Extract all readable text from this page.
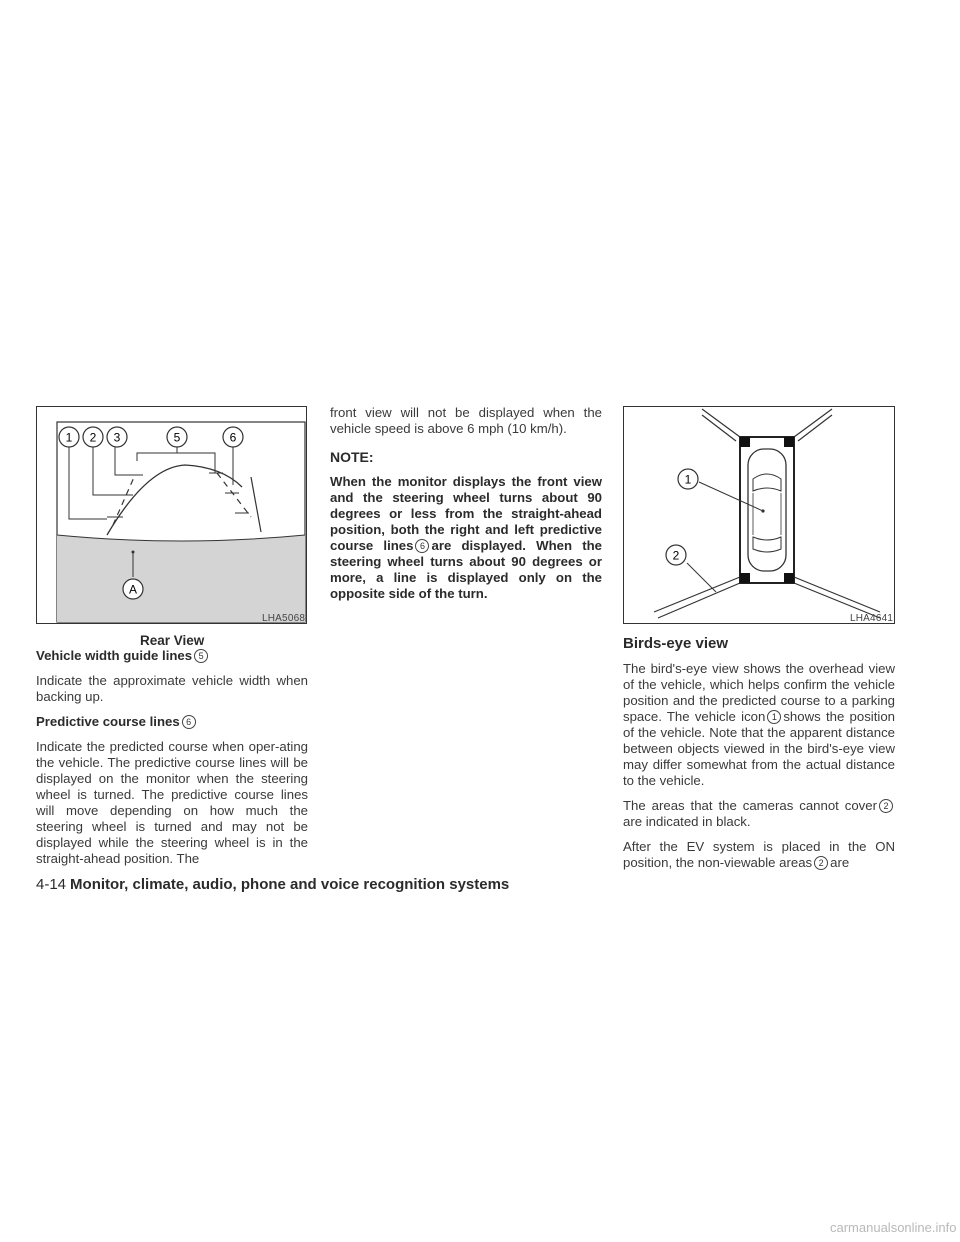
1 2 3	5	6
A
LHA5068
Rear View

Vehicle width guide lines 5

Indicate the approximate vehicle width when backing up.

Predictive course lines 6

Indicate the predicted course when oper-ating the vehicle. The predictive course lines will be displayed on the monitor when the steering wheel is turned. The predictive course lines will move depending on how much the steering wheel is turned and may not be displayed while the steering wheel is in the straight-ahead position. The

front view will not be displayed when the vehicle speed is above 6 mph (10 km/h).

NOTE:

When the monitor displays the front view and the steering wheel turns about 90 degrees or less from the straight-ahead position, both the right and left predictive course lines 6 are displayed. When the steering wheel turns about 90 degrees or more, a line is displayed only on the opposite side of the turn.

1
2
LHA4641

Birds-eye view

The bird's-eye view shows the overhead view of the vehicle, which helps confirm the vehicle position and the predicted course to a parking space. The vehicle icon 1 shows the position of the vehicle. Note that the apparent distance between objects viewed in the bird's-eye view may differ somewhat from the actual distance to the vehicle.

The areas that the cameras cannot cover 2are indicated in black.

After the EV system is placed in the ON position, the non-viewable areas 2 are

4-14 Monitor, climate, audio, phone and voice recognition systems
carmanualsonline.info
